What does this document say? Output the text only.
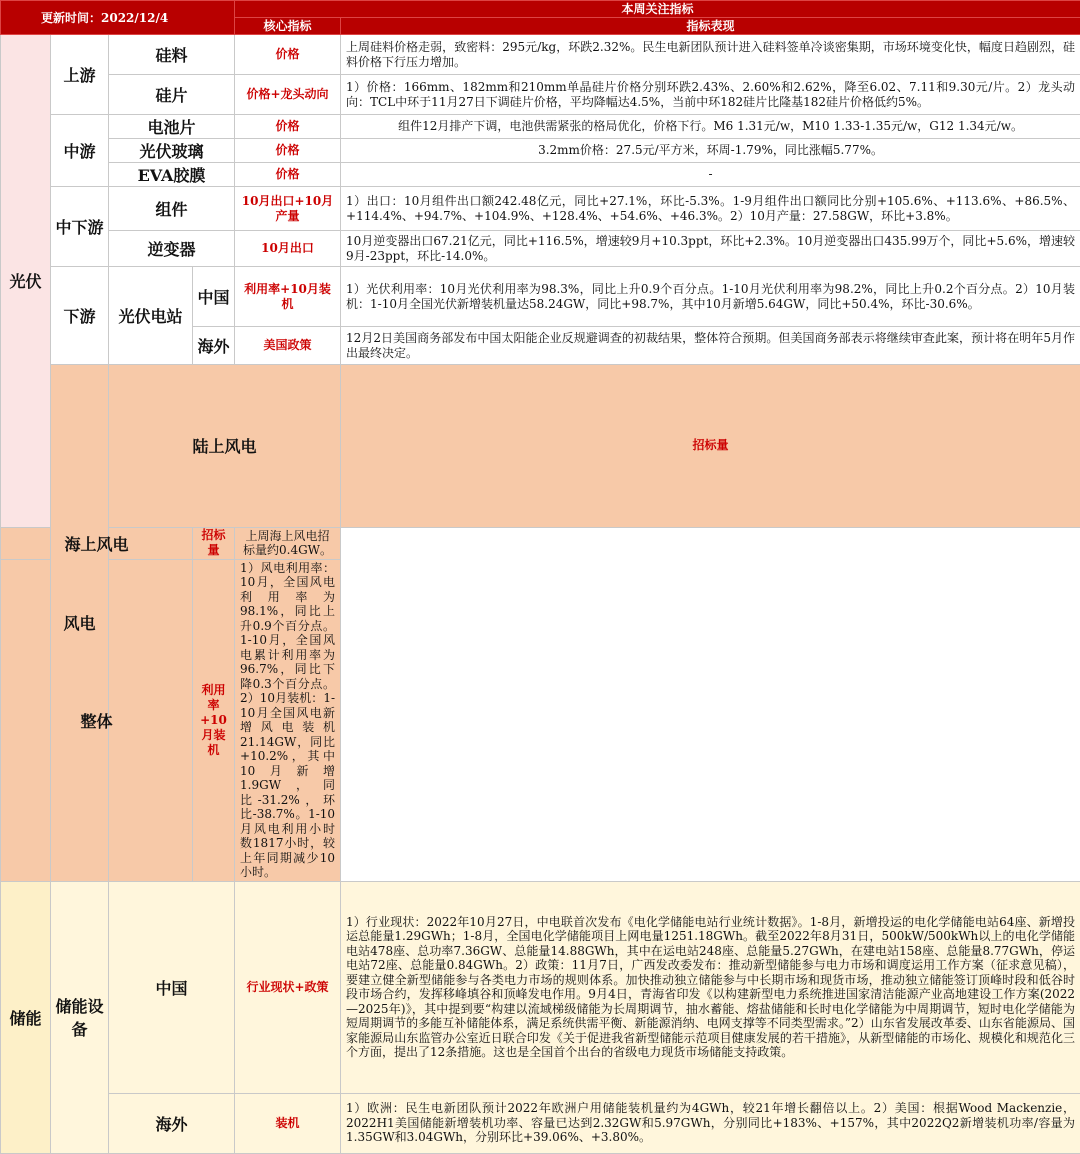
更新时间：2022/12/4				本周关注指标		
				核心指标	指标表现	
光伏	上游	硅料		价格	上周硅料价格走弱，致密料：295元/kg，环跌2.32%。民生电新团队预计进入硅料签单冷谈密集期，市场环境变化快，幅度日趋剧烈，硅料价格下行压力增加。	
		硅片		价格+龙头动向	1）价格：166mm、182mm和210mm单晶硅片价格分别环跌2.43%、2.60%和2.62%，降至6.02、7.11和9.30元/片。2）龙头动向：TCL中环于11月27日下调硅片价格，平均降幅达4.5%，当前中环182硅片比隆基182硅片价格低约5%。	
	中游	电池片		价格	组件12月排产下调，电池供需紧张的格局优化，价格下行。M6 1.31元/w，M10 1.33-1.35元/w，G12 1.34元/w。	
		光伏玻璃		价格	3.2mm价格：27.5元/平方米，环周-1.79%，同比涨幅5.77%。	
		EVA胶膜		价格	-	
	中下游	组件		10月出口+10月产量	1）出口：10月组件出口额242.48亿元，同比+27.1%，环比-5.3%。1-9月组件出口额同比分别+105.6%、+113.6%、+86.5%、+114.4%、+94.7%、+104.9%、+128.4%、+54.6%、+46.3%。2）10月产量：27.58GW，环比+3.8%。	
		逆变器		10月出口	10月逆变器出口67.21亿元，同比+116.5%，增速较9月+10.3ppt，环比+2.3%。10月逆变器出口435.99万个，同比+5.6%，增速较9月-23ppt，环比-14.0%。	
	下游	光伏电站	中国	利用率+10月装机	1）光伏利用率：10月光伏利用率为98.3%，同比上升0.9个百分点。1-10月光伏利用率为98.2%，同比上升0.2个百分点。2）10月装机：1-10月全国光伏新增装机量达58.24GW，同比+98.7%，其中10月新增5.64GW，同比+50.4%，环比-30.6%。	
			海外	美国政策	12月2日美国商务部发布中国太阳能企业反规避调查的初裁结果，整体符合预期。但美国商务部表示将继续审查此案，预计将在明年5月作出最终决定。	
	风电	陆上风电			招标量	
海上风电			招标量	上周海上风电招标量约0.4GW。		
整体			利用率+10月装机	1）风电利用率：10月，全国风电利用率为98.1%，同比上升0.9个百分点。1-10月，全国风电累计利用率为96.7%，同比下降0.3个百分点。2）10月装机：1-10月全国风电新增风电装机21.14GW，同比+10.2%，其中10月新增1.9GW，同比-31.2%，环比-38.7%。1-10月风电利用小时数1817小时，较上年同期减少10小时。		
储能	储能设备	中国		行业现状+政策	1）行业现状：2022年10月27日，中电联首次发布《电化学储能电站行业统计数据》。1-8月，新增投运的电化学储能电站64座、新增投运总能量1.29GWh；1-8月，全国电化学储能项目上网电量1251.18GWh。截至2022年8月31日，500kW/500kWh以上的电化学储能电站478座、总功率7.36GW、总能量14.88GWh，其中在运电站248座、总能量5.27GWh，在建电站158座、总能量8.77GWh，停运电站72座、总能量0.84GWh。2）政策：11月7日，广西发改委发布：推动新型储能参与电力市场和调度运用工作方案（征求意见稿），要建立健全新型储能参与各类电力市场的规则体系。加快推动独立储能参与中长期市场和现货市场，推动独立储能签订顶峰时段和低谷时段市场合约，发挥移峰填谷和顶峰发电作用。9月4日，青海省印发《以构建新型电力系统推进国家清洁能源产业高地建设工作方案(2022—2025年)》，其中提到要“构建以流域梯级储能为长周期调节，抽水蓄能、熔盐储能和长时电化学储能为中周期调节，短时电化学储能为短周期调节的多能互补储能体系，满足系统供需平衡、新能源消纳、电网支撑等不同类型需求。”2）山东省发展改革委、山东省能源局、国家能源局山东监管办公室近日联合印发《关于促进我省新型储能示范项目健康发展的若干措施》，从新型储能的市场化、规模化和规范化三个方面，提出了12条措施。这也是全国首个出台的省级电力现货市场储能支持政策。	
		海外		装机	1）欧洲：民生电新团队预计2022年欧洲户用储能装机量约为4GWh，较21年增长翻倍以上。2）美国：根据Wood Mackenzie，2022H1美国储能新增装机功率、容量已达到2.32GW和5.97GWh，分别同比+183%、+157%，其中2022Q2新增装机功率/容量为1.35GW和3.04GWh，分别环比+39.06%、+3.80%。	
